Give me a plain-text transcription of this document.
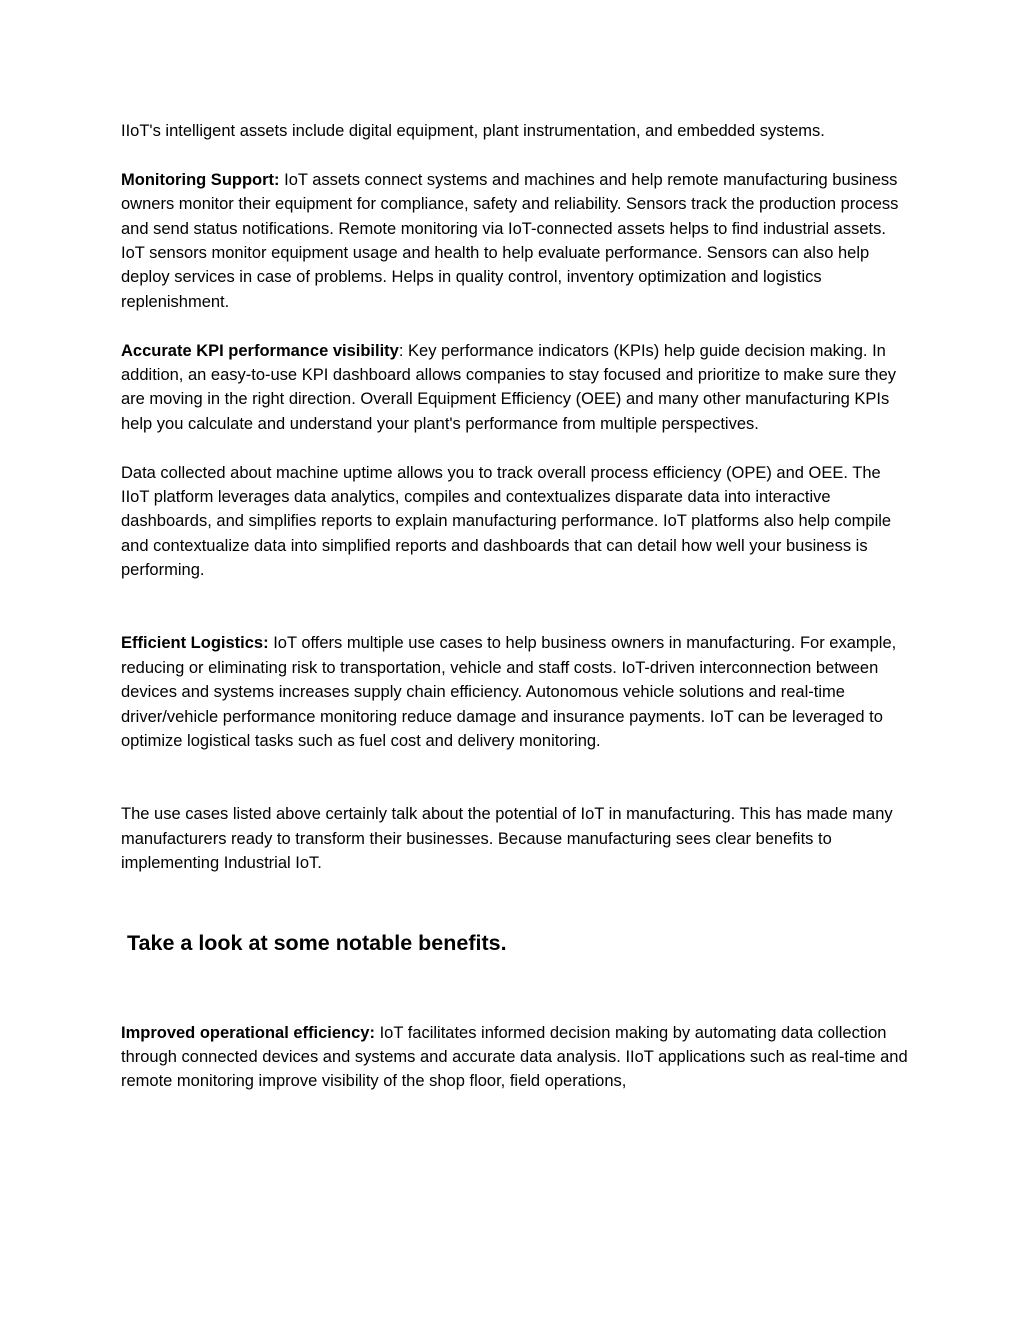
IIoT's intelligent assets include digital equipment, plant instrumentation, and embedded systems.

Monitoring Support: IoT assets connect systems and machines and help remote manufacturing business owners monitor their equipment for compliance, safety and reliability. Sensors track the production process and send status notifications. Remote monitoring via IoT-connected assets helps to find industrial assets. IoT sensors monitor equipment usage and health to help evaluate performance. Sensors can also help deploy services in case of problems. Helps in quality control, inventory optimization and logistics replenishment.

Accurate KPI performance visibility: Key performance indicators (KPIs) help guide decision making. In addition, an easy-to-use KPI dashboard allows companies to stay focused and prioritize to make sure they are moving in the right direction. Overall Equipment Efficiency (OEE) and many other manufacturing KPIs help you calculate and understand your plant's performance from multiple perspectives.

Data collected about machine uptime allows you to track overall process efficiency (OPE) and OEE. The IIoT platform leverages data analytics, compiles and contextualizes disparate data into interactive dashboards, and simplifies reports to explain manufacturing performance. IoT platforms also help compile and contextualize data into simplified reports and dashboards that can detail how well your business is performing.

Efficient Logistics: IoT offers multiple use cases to help business owners in manufacturing. For example, reducing or eliminating risk to transportation, vehicle and staff costs. IoT-driven interconnection between devices and systems increases supply chain efficiency. Autonomous vehicle solutions and real-time driver/vehicle performance monitoring reduce damage and insurance payments. IoT can be leveraged to optimize logistical tasks such as fuel cost and delivery monitoring.

The use cases listed above certainly talk about the potential of IoT in manufacturing. This has made many manufacturers ready to transform their businesses. Because manufacturing sees clear benefits to implementing Industrial IoT.

Take a look at some notable benefits.

Improved operational efficiency: IoT facilitates informed decision making by automating data collection through connected devices and systems and accurate data analysis. IIoT applications such as real-time and remote monitoring improve visibility of the shop floor, field operations,
